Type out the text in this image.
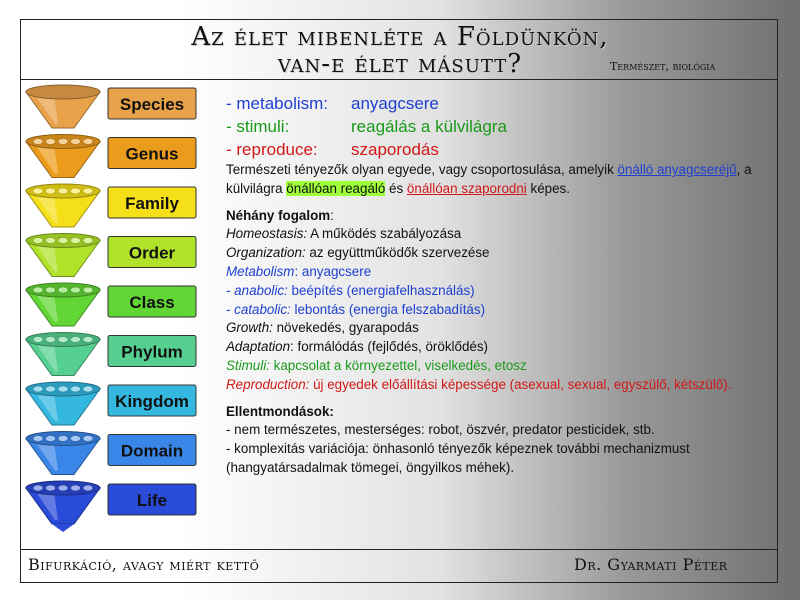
Az élet mibenléte a Földünkön,
van-e élet másutt?	Természet, biológia
Species
Genus
Family
Order
Class
Phylum
Kingdom
Domain
Life
- metabolism: anyagcsere
- stimuli:	reagálás a külvilágra
- reproduce: szaporodás

Természeti tényezők olyan egyede, vagy csoportosulása, amelyik önálló anyagcseréjű, a külvilágra önállóan reagáló és önállóan szaporodni képes.

Néhány fogalom:

Homeostasis: A működés szabályozása

Organization: az együttműködők szervezése

Metabolism: anyagcsere

- anabolic: beépítés (energiafelhasználás)

- catabolic: lebontás (energia felszabadítás)

Growth: növekedés, gyarapodás

Adaptation: formálódás (fejlődés, öröklődés)

Stimuli: kapcsolat a környezettel, viselkedés, etosz

Reproduction: új egyedek előállítási képessége (asexual, sexual, egyszülő, kétszülő).

Ellentmondások:

- nem természetes, mesterséges: robot, öszvér, predator pesticidek, stb.

- komplexitás variációja: önhasonló tényezők képeznek további mechanizmust (hangyatársadalmak tömegei, öngyilkos méhek).

Bifurkáció, avagy miért kettő	Dr. Gyarmati Péter
